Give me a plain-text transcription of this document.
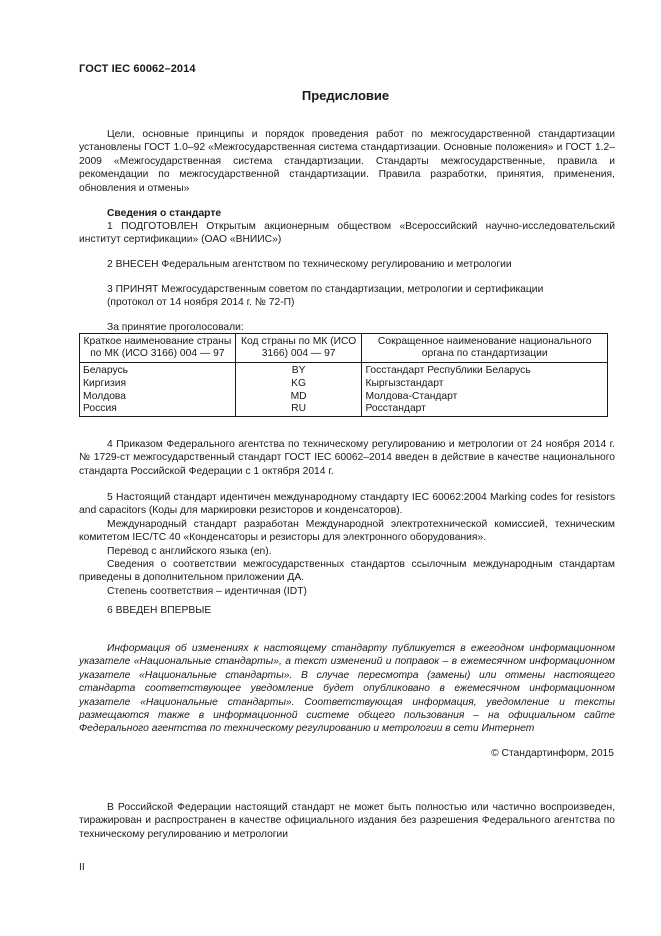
ГОСТ IEC 60062–2014
Предисловие

Цели, основные принципы и порядок проведения работ по межгосударственной стандартизации установлены ГОСТ 1.0–92 «Межгосударственная система стандартизации. Основные положения» и ГОСТ 1.2–2009 «Межгосударственная система стандартизации. Стандарты межгосударственные, правила и рекомендации по межгосударственной стандартизации. Правила разработки, принятия, применения, обновления и отмены»

Сведения о стандарте

1 ПОДГОТОВЛЕН Открытым акционерным обществом «Всероссийский научно-исследовательский институт сертификации» (ОАО «ВНИИС»)

2 ВНЕСЕН Федеральным агентством по техническому регулированию и метрологии
3 ПРИНЯТ Межгосударственным советом по стандартизации, метрологии и сертификации
(протокол от 14 ноября 2014 г. № 72-П)
За принятие проголосовали:
Краткое наименование страны по МК (ИСО 3166) 004 — 97	Код страны по МК (ИСО 3166) 004 — 97	Сокращенное наименование национального органа по стандартизации
Беларусь	BY	Госстандарт Республики Беларусь
Киргизия	KG	Кыргызстандарт
Молдова	MD	Молдова-Стандарт
Россия	RU	Росстандарт

4 Приказом Федерального агентства по техническому регулированию и метрологии от 24 ноября 2014 г. № 1729-ст межгосударственный стандарт ГОСТ IEC 60062–2014 введен в действие в качестве национального стандарта Российской Федерации с 1 октября 2014 г.

5 Настоящий стандарт идентичен международному стандарту IEC 60062:2004 Marking codes for resistors and capacitors (Коды для маркировки резисторов и конденсаторов).

Международный стандарт разработан Международной электротехнической комиссией, техническим комитетом IEC/TC 40 «Конденсаторы и резисторы для электронного оборудования».

Перевод с английского языка (en).

Сведения о соответствии межгосударственных стандартов ссылочным международным стандартам приведены в дополнительном приложении ДА.

Степень соответствия – идентичная (IDT)

6 ВВЕДЕН ВПЕРВЫЕ

Информация об изменениях к настоящему стандарту публикуется в ежегодном информационном указателе «Национальные стандарты», а текст изменений и поправок – в ежемесячном информационном указателе «Национальные стандарты». В случае пересмотра (замены) или отмены настоящего стандарта соответствующее уведомление будет опубликовано в ежемесячном информационном указателе «Национальные стандарты». Соответствующая информация, уведомление и тексты размещаются также в информационной системе общего пользования – на официальном сайте Федерального агентства по техническому регулированию и метрологии в сети Интернет

© Стандартинформ, 2015

В Российской Федерации настоящий стандарт не может быть полностью или частично воспроизведен, тиражирован и распространен в качестве официального издания без разрешения Федерального агентства по техническому регулированию и метрологии

II
